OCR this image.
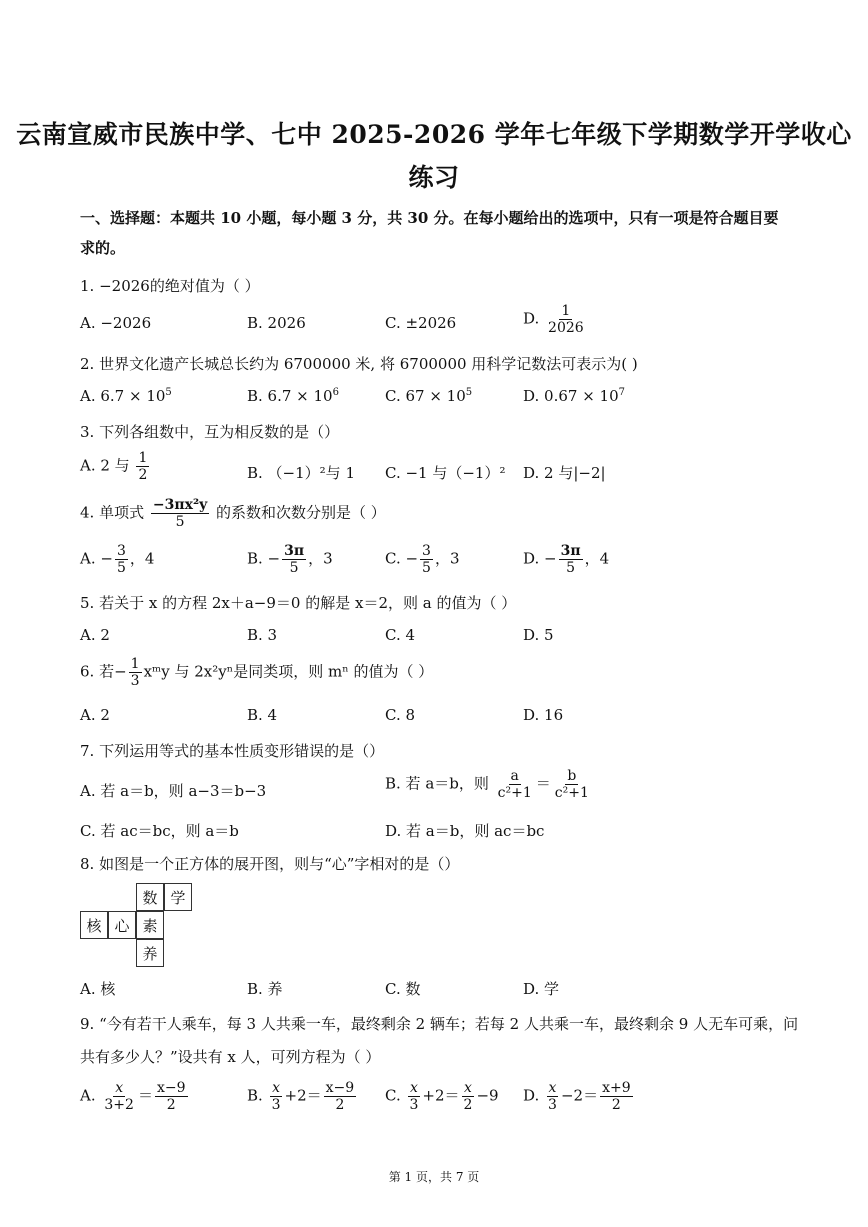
云南宣威市民族中学、七中 2025-2026 学年七年级下学期数学开学收心
练习
一、选择题：本题共 10 小题，每小题 3 分，共 30 分。在每小题给出的选项中，只有一项是符合题目要求的。
1. −2026的绝对值为（ ）
A. −2026	B. 2026	C. ±2026	D. $\frac{1}{2026}$
2. 世界文化遗产长城总长约为 6700000 米, 将 6700000 用科学记数法可表示为( )
A. $6.7 \times 10^5$	B. $6.7 \times 10^6$	C. $67 \times 10^5$	D. $0.67 \times 10^7$
3. 下列各组数中，互为相反数的是（）
A. 2 与 $\frac{1}{2}$	B. （−1）²与 1 C. −1 与（−1）² D. 2 与|−2|
4. 单项式 $\frac{\text{−3πx²y}}{5}$ 的系数和次数分别是（ ）
A. − $\frac{3}{5}$ ，4	B. − $\frac{3\pi}{5}$ ，3	C. − $\frac{3}{5}$ ，3	D. − $\frac{3\pi}{5}$ ，4
5. 若关于 x 的方程 2x＋a−9＝0 的解是 x＝2，则 a 的值为（ ）
A. 2	B. 3	C. 4	D. 5
6. 若− $\frac{1}{3}$ xᵐy 与 2x²yⁿ是同类项，则 mⁿ 的值为（ ）
A. 2	B. 4	C. 8	D. 16
7. 下列运用等式的基本性质变形错误的是（）
A. 若 a＝b，则 a−3＝b−3	B. 若 a＝b，则 $\frac{a}{\text{c²+1}} = \frac{b}{\text{c²+1}}$
C. 若 ac＝bc，则 a＝b	D. 若 a＝b，则 ac＝bc
8. 如图是一个正方体的展开图，则与“心”字相对的是（）
数 学
核 心 素
养
A. 核	B. 养	C. 数	D. 学
9. “今有若干人乘车，每 3 人共乘一车，最终剩余 2 辆车；若每 2 人共乘一车，最终剩余 9 人无车可乘，问
共有多少人？”设共有 x 人，可列方程为（ ）
A. $\frac{x}{3+2} = \frac{x-9}{2}$	B. $\frac{x}{3} +2= \frac{x-9}{2} C$. $\frac{x}{3} +2= \frac{x}{2} -9$ D. $\frac{x}{3} -2= \frac{x+9}{2}$
第 1 页，共 7 页
